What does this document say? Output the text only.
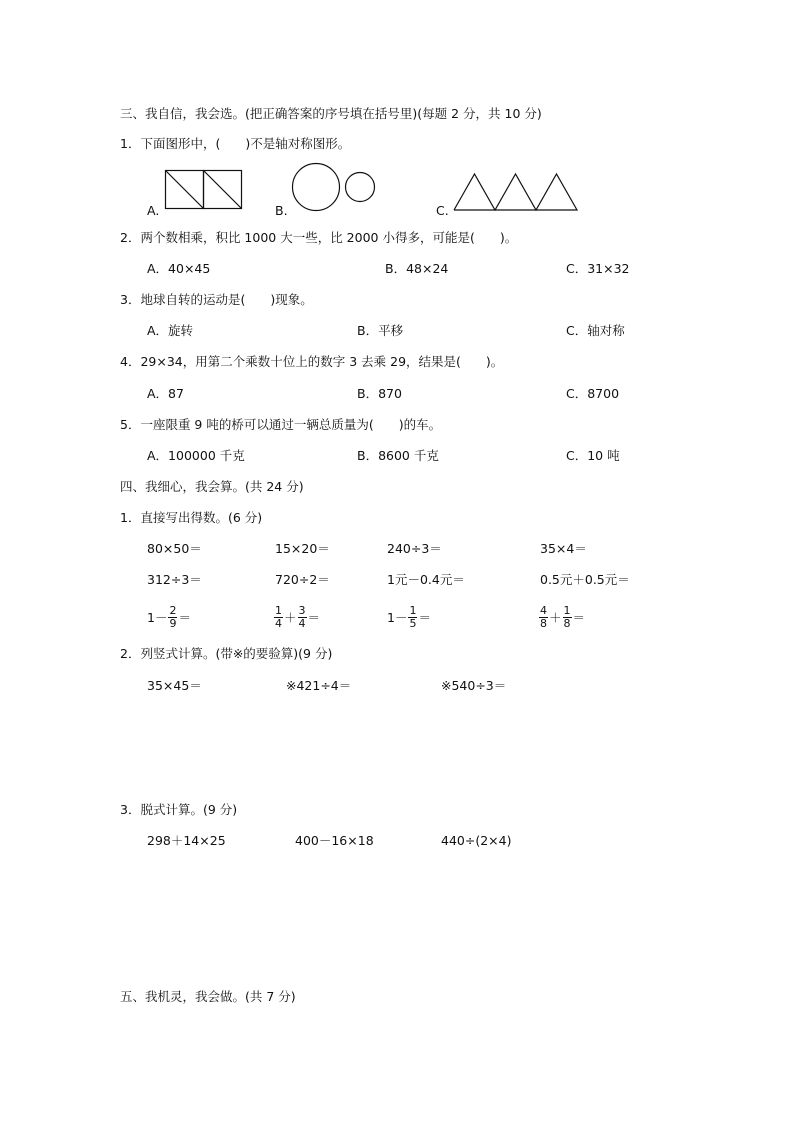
三、我自信，我会选。(把正确答案的序号填在括号里)(每题 2 分，共 10 分)
1．下面图形中，(　　)不是轴对称图形。
A.	B.	C.
2．两个数相乘，积比 1000 大一些，比 2000 小得多，可能是(　　)。
A．40×45	B．48×24	C．31×32
3．地球自转的运动是(　　)现象。
A．旋转	B．平移	C．轴对称
4．29×34，用第二个乘数十位上的数字 3 去乘 29，结果是(　　)。
A．87	B．870	C．8700
5．一座限重 9 吨的桥可以通过一辆总质量为(　　)的车。
A．100000 千克	B．8600 千克	C．10 吨
四、我细心，我会算。(共 24 分)
1．直接写出得数。(6 分)
80×50＝	15×20＝	240÷3＝	35×4＝
312÷3＝	720÷2＝	1元－0.4元＝	0.5元＋0.5元＝
$1- \frac{2}{9}$ ＝	$\frac{1}{4} + \frac{3}{4}$ ＝	$1- \frac{1}{5}$ ＝	$\frac{4}{8} + \frac{1}{8}$ ＝
2．列竖式计算。(带※的要验算)(9 分)
35×45＝	※421÷4＝	※540÷3＝
3．脱式计算。(9 分)
298＋14×25	400－16×18	440÷(2×4)
五、我机灵，我会做。(共 7 分)
